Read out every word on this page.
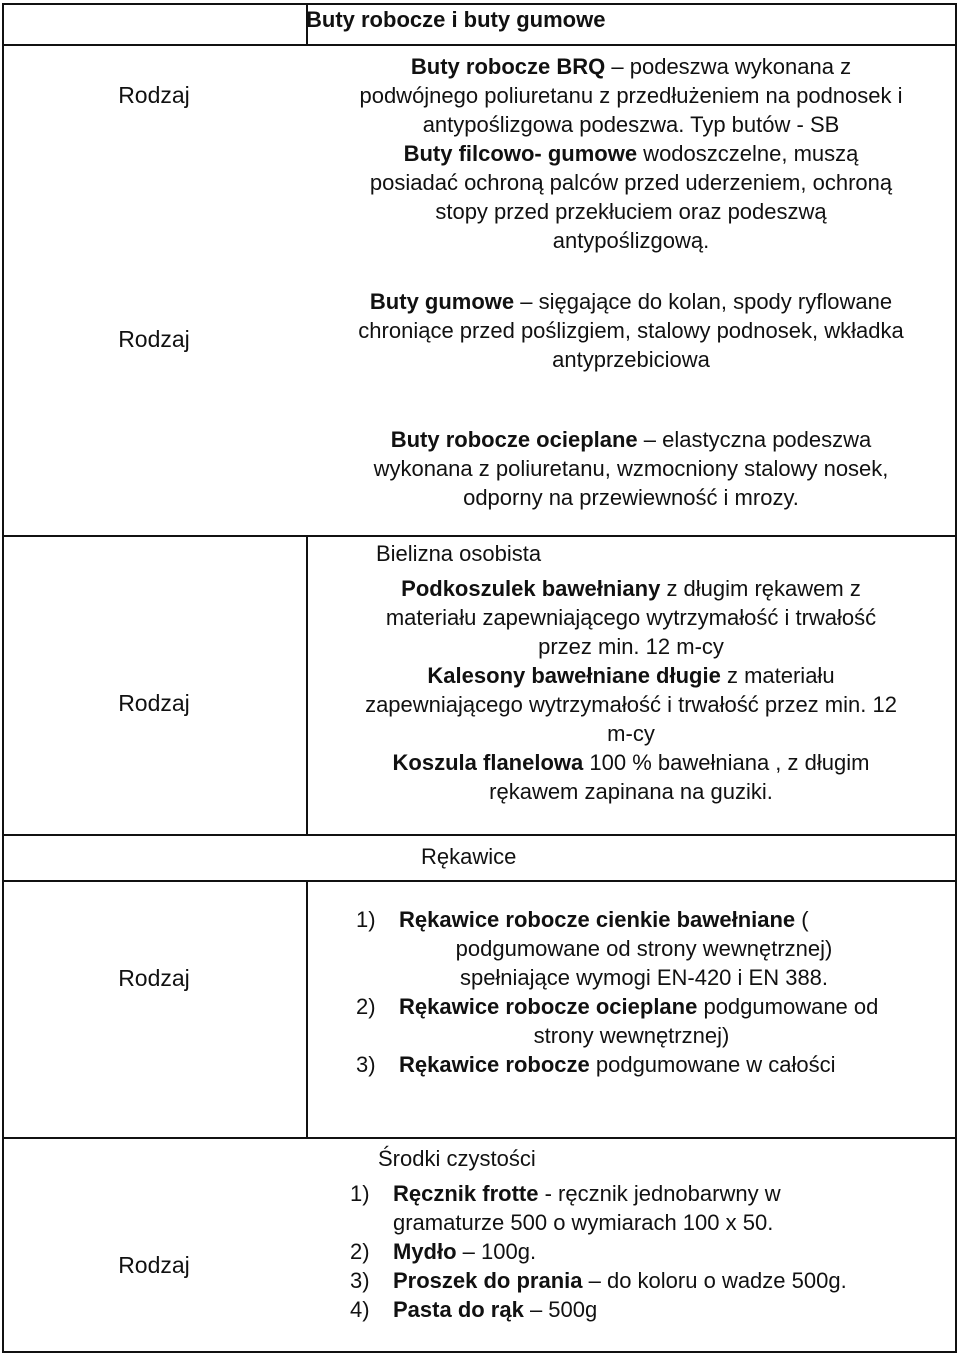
Buty robocze i buty gumowe
Rodzaj
Rodzaj
Rodzaj
Rodzaj
Rodzaj

Buty robocze BRQ – podeszwa wykonana z

podwójnego poliuretanu z przedłużeniem na podnosek i

antypoślizgowa podeszwa. Typ butów - SB

Buty filcowo- gumowe wodoszczelne, muszą

posiadać ochroną palców przed uderzeniem, ochroną

stopy przed przekłuciem oraz podeszwą

antypoślizgową.

Buty gumowe – sięgające do kolan, spody ryflowane

chroniące przed poślizgiem, stalowy podnosek, wkładka

antyprzebiciowa

Buty robocze ocieplane – elastyczna podeszwa

wykonana z poliuretanu, wzmocniony stalowy nosek,

odporny na przewiewność i mrozy.

Bielizna osobista

Podkoszulek bawełniany z długim rękawem z

materiału zapewniającego wytrzymałość i trwałość

przez min. 12 m-cy

Kalesony bawełniane długie z materiału

zapewniającego wytrzymałość i trwałość przez min. 12

m-cy

Koszula flanelowa 100 % bawełniana , z długim

rękawem zapinana na guziki.

Rękawice
1) Rękawice robocze cienkie bawełniane (
podgumowane od strony wewnętrznej)
spełniające wymogi EN-420 i EN 388.
2) Rękawice robocze ocieplane podgumowane od
strony wewnętrznej)
3) Rękawice robocze podgumowane w całości
Środki czystości
1) Ręcznik frotte - ręcznik jednobarwny w
gramaturze 500 o wymiarach 100 x 50.
2) Mydło – 100g.
3) Proszek do prania – do koloru o wadze 500g.
4) Pasta do rąk – 500g
